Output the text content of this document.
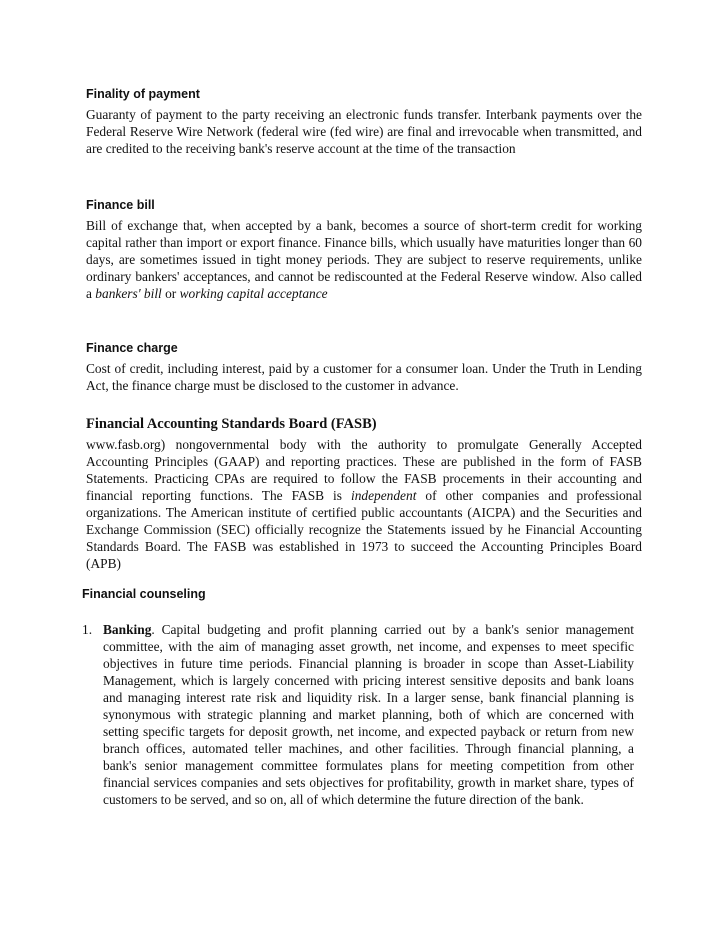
Finality of payment

Guaranty of payment to the party receiving an electronic funds transfer. Interbank payments over the Federal Reserve Wire Network (federal wire (fed wire) are final and irrevocable when transmitted, and are credited to the receiving bank's reserve account at the time of the transaction

Finance bill

Bill of exchange that, when accepted by a bank, becomes a source of short-term credit for working capital rather than import or export finance. Finance bills, which usually have maturities longer than 60 days, are sometimes issued in tight money periods. They are subject to reserve requirements, unlike ordinary bankers' acceptances, and cannot be rediscounted at the Federal Reserve window. Also called a bankers' bill or working capital acceptance

Finance charge

Cost of credit, including interest, paid by a customer for a consumer loan. Under the Truth in Lending Act, the finance charge must be disclosed to the customer in advance.

Financial Accounting Standards Board (FASB)

www.fasb.org) nongovernmental body with the authority to promulgate Generally Accepted Accounting Principles (GAAP) and reporting practices. These are published in the form of FASB Statements. Practicing CPAs are required to follow the FASB procements in their accounting and financial reporting functions. The FASB is independent of other companies and professional organizations. The American institute of certified public accountants (AICPA) and the Securities and Exchange Commission (SEC) officially recognize the Statements issued by he Financial Accounting Standards Board. The FASB was established in 1973 to succeed the Accounting Principles Board (APB)

Financial counseling

1. Banking. Capital budgeting and profit planning carried out by a bank's senior management committee, with the aim of managing asset growth, net income, and expenses to meet specific objectives in future time periods. Financial planning is broader in scope than Asset-Liability Management, which is largely concerned with pricing interest sensitive deposits and bank loans and managing interest rate risk and liquidity risk. In a larger sense, bank financial planning is synonymous with strategic planning and market planning, both of which are concerned with setting specific targets for deposit growth, net income, and expected payback or return from new branch offices, automated teller machines, and other facilities. Through financial planning, a bank's senior management committee formulates plans for meeting competition from other financial services companies and sets objectives for profitability, growth in market share, types of customers to be served, and so on, all of which determine the future direction of the bank.
